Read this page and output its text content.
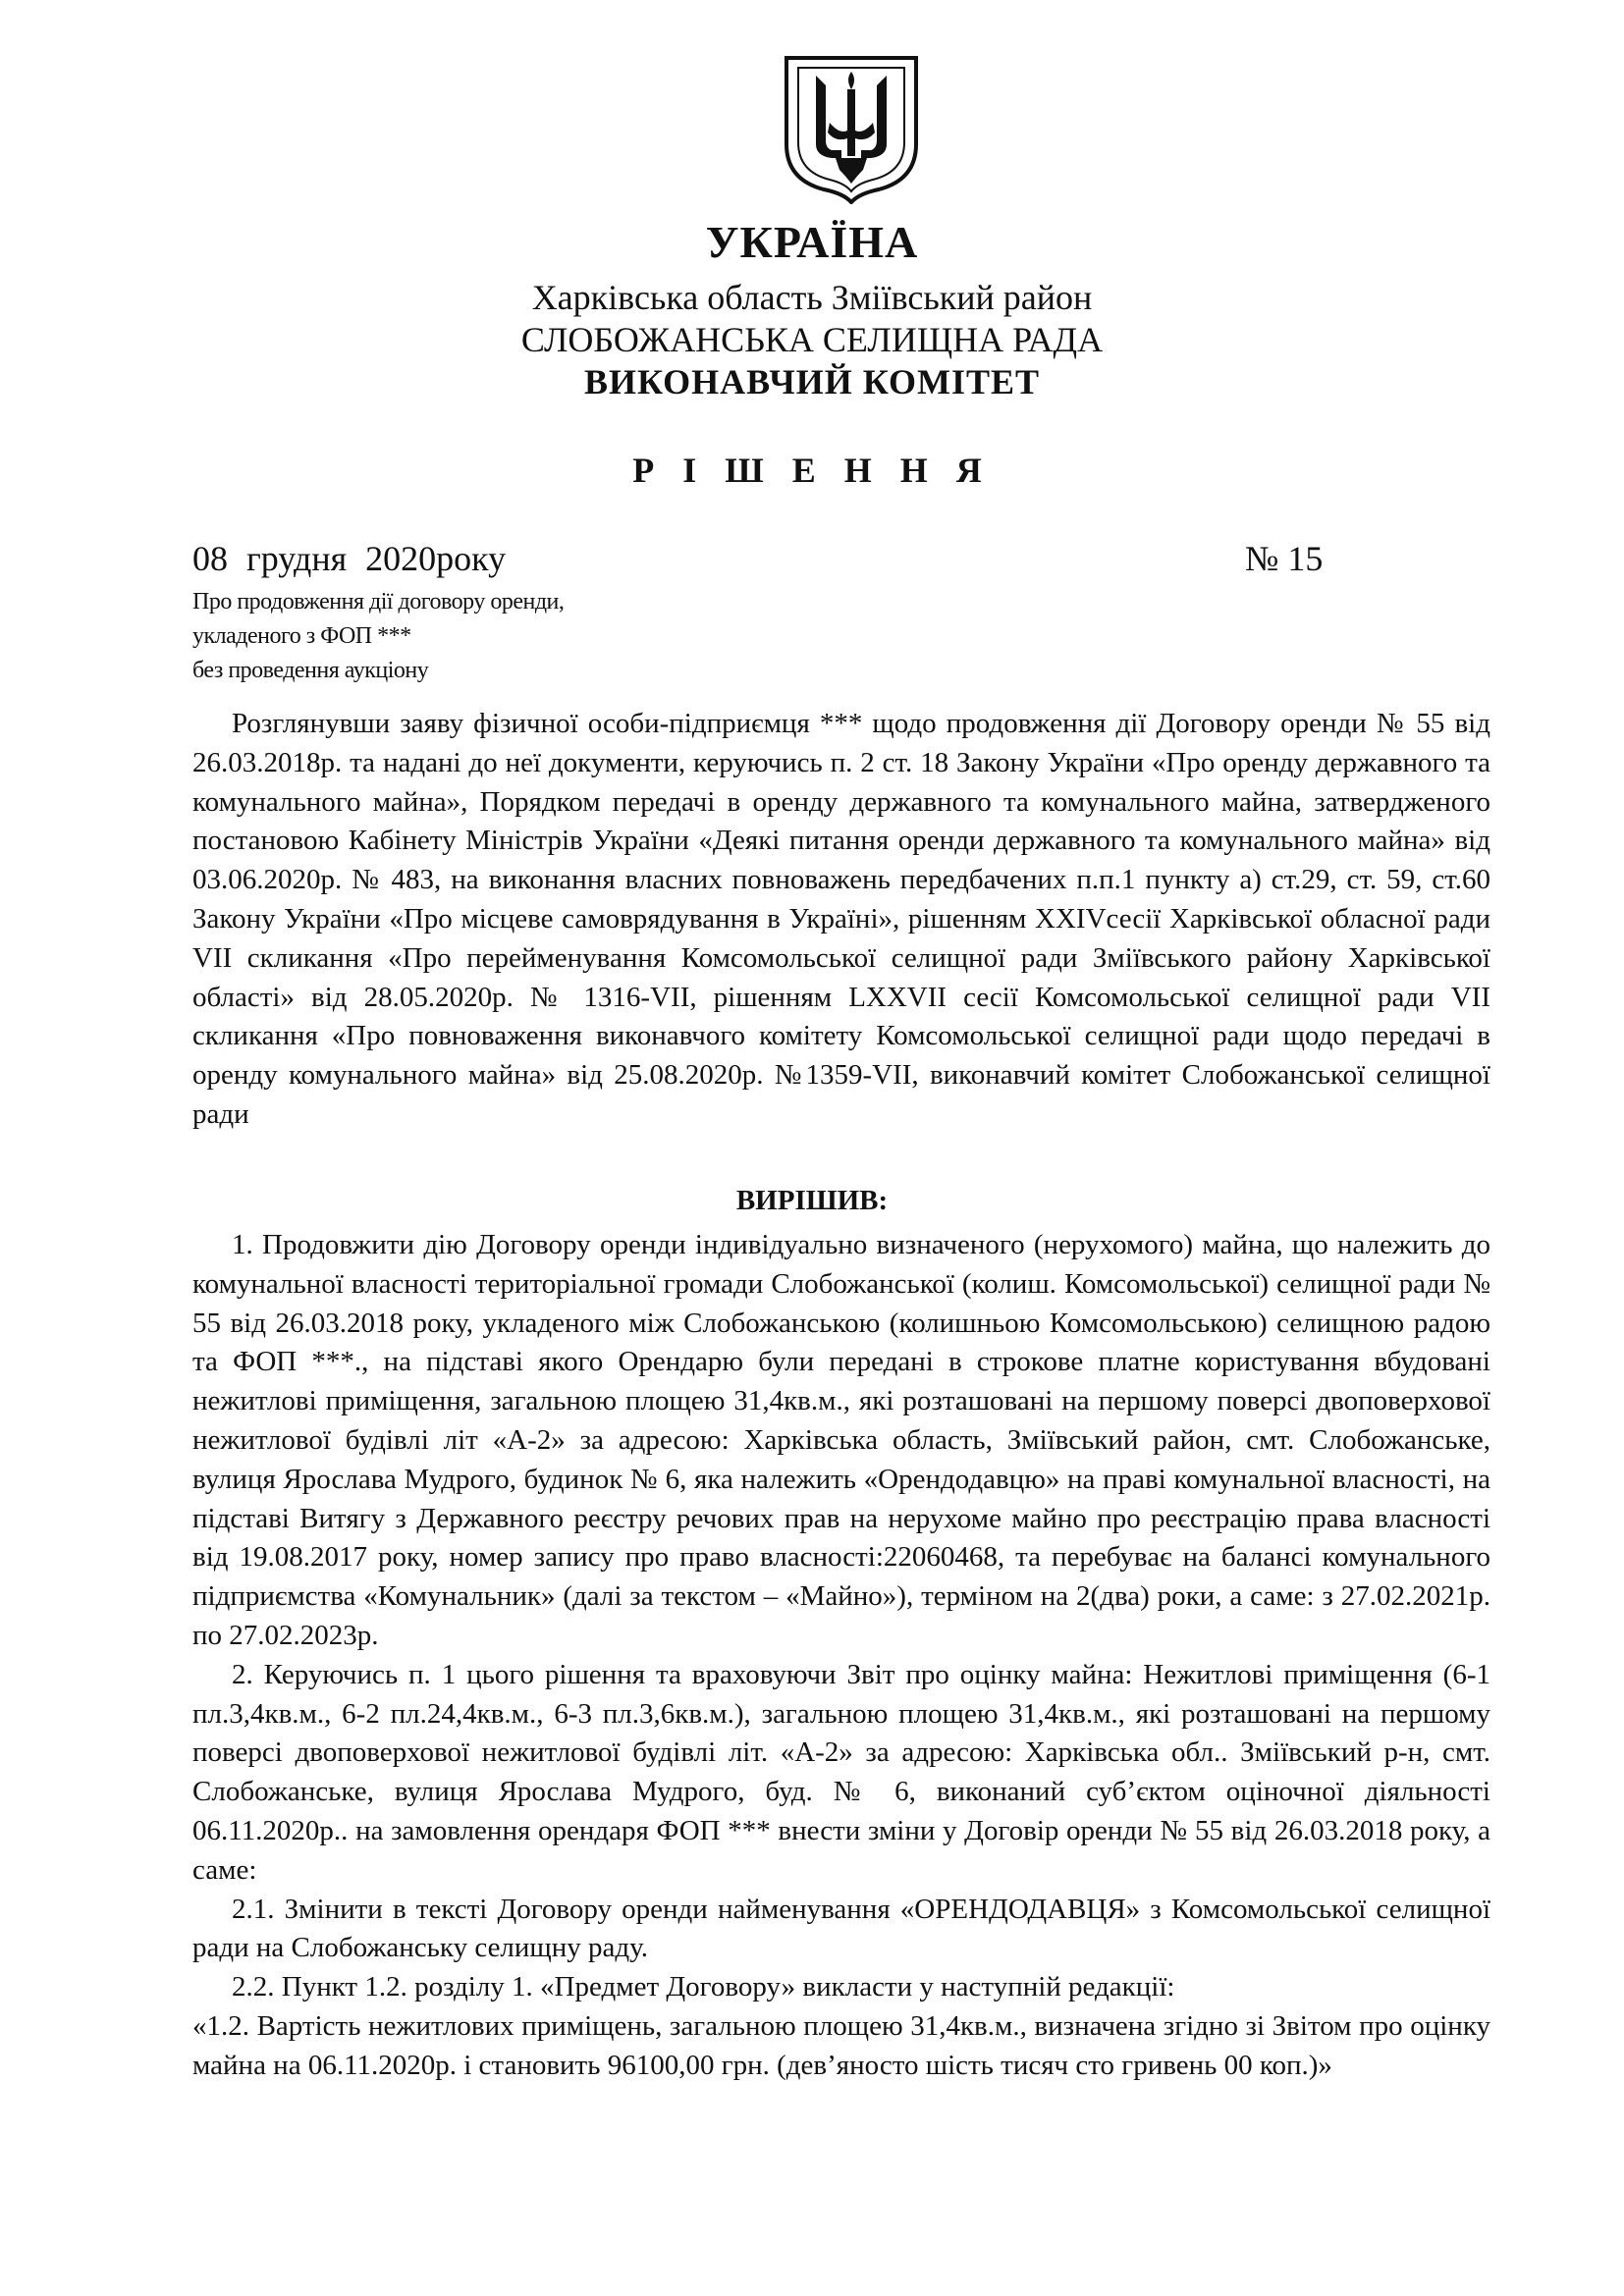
УКРАЇНА
Харківська область Зміївський район
СЛОБОЖАНСЬКА СЕЛИЩНА РАДА
ВИКОНАВЧИЙ КОМІТЕТ
Р І Ш Е Н Н Я
08 грудня 2020року	№ 15
Про продовження дії договору оренди,
укладеного з ФОП ***
без проведення аукціону

Розглянувши заяву фізичної особи-підприємця *** щодо продовження дії Договору оренди № 55 від 26.03.2018р. та надані до неї документи, керуючись п. 2 ст. 18 Закону України «Про оренду державного та комунального майна», Порядком передачі в оренду державного та комунального майна, затвердженого постановою Кабінету Міністрів України «Деякі питання оренди державного та комунального майна» від 03.06.2020р. № 483, на виконання власних повноважень передбачених п.п.1 пункту а) ст.29, ст. 59, ст.60 Закону України «Про місцеве самоврядування в Україні», рішенням XXIVсесії Харківської обласної ради VII скликання «Про перейменування Комсомольської селищної ради Зміївського району Харківської області» від 28.05.2020р. № 1316-VII, рішенням LXXVII сесії Комсомольської селищної ради VII скликання «Про повноваження виконавчого комітету Комсомольської селищної ради щодо передачі в оренду комунального майна» від 25.08.2020р. №1359-VII, виконавчий комітет Слобожанської селищної ради

ВИРІШИВ:

1. Продовжити дію Договору оренди індивідуально визначеного (нерухомого) майна, що належить до комунальної власності територіальної громади Слобожанської (колиш. Комсомольської) селищної ради № 55 від 26.03.2018 року, укладеного між Слобожанською (колишньою Комсомольською) селищною радою та ФОП ***., на підставі якого Орендарю були передані в строкове платне користування вбудовані нежитлові приміщення, загальною площею 31,4кв.м., які розташовані на першому поверсі двоповерхової нежитлової будівлі літ «А-2» за адресою: Харківська область, Зміївський район, смт. Слобожанське, вулиця Ярослава Мудрого, будинок № 6, яка належить «Орендодавцю» на праві комунальної власності, на підставі Витягу з Державного реєстру речових прав на нерухоме майно про реєстрацію права власності від 19.08.2017 року, номер запису про право власності:22060468, та перебуває на балансі комунального підприємства «Комунальник» (далі за текстом – «Майно»), терміном на 2(два) роки, а саме: з 27.02.2021р. по 27.02.2023р.

2. Керуючись п. 1 цього рішення та враховуючи Звіт про оцінку майна: Нежитлові приміщення (6-1 пл.3,4кв.м., 6-2 пл.24,4кв.м., 6-3 пл.3,6кв.м.), загальною площею 31,4кв.м., які розташовані на першому поверсі двоповерхової нежитлової будівлі літ. «А-2» за адресою: Харківська обл.. Зміївський р-н, смт. Слобожанське, вулиця Ярослава Мудрого, буд. № 6, виконаний суб’єктом оціночної діяльності 06.11.2020р.. на замовлення орендаря ФОП *** внести зміни у Договір оренди № 55 від 26.03.2018 року, а саме:

2.1. Змінити в тексті Договору оренди найменування «ОРЕНДОДАВЦЯ» з Комсомольської селищної ради на Слобожанську селищну раду.

2.2. Пункт 1.2. розділу 1. «Предмет Договору» викласти у наступній редакції:

«1.2. Вартість нежитлових приміщень, загальною площею 31,4кв.м., визначена згідно зі Звітом про оцінку майна на 06.11.2020р. і становить 96100,00 грн. (дев’яносто шість тисяч сто гривень 00 коп.)»
